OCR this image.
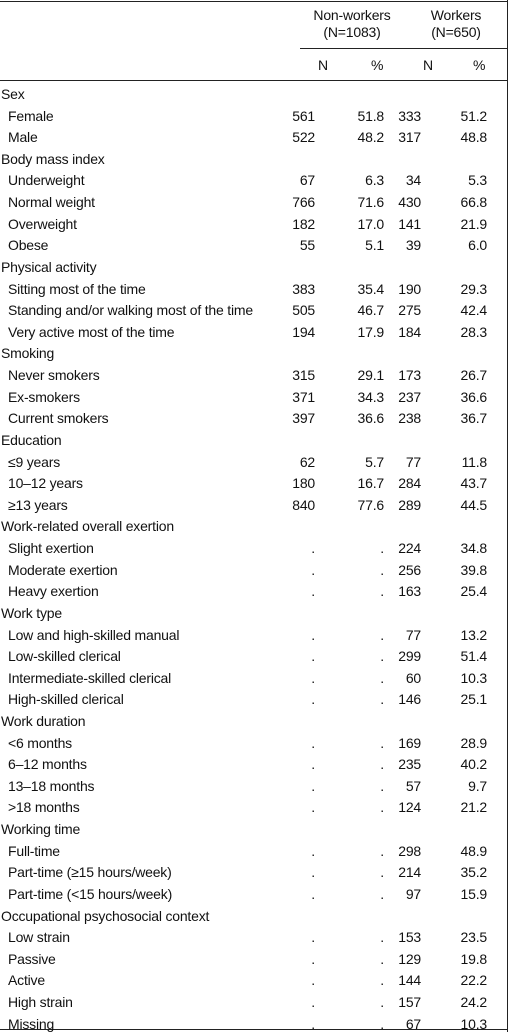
Non-workers
(N=1083)
Workers
(N=650)
N	%	N	%
Sex
Female	561	51.8 333	51.2
Male	522	48.2 317	48.8
Body mass index
Underweight	67	6.3 34	5.3
Normal weight	766	71.6 430	66.8
Overweight	182	17.0 141	21.9
Obese	55	5.1 39	6.0
Physical activity
Sitting most of the time	383	35.4 190	29.3
Standing and/or walking most of the time	505	46.7 275	42.4
Very active most of the time	194	17.9 184	28.3
Smoking
Never smokers	315	29.1 173	26.7
Ex-smokers	371	34.3 237	36.6
Current smokers	397	36.6 238	36.7
Education
≤9 years	62	5.7 77	11.8
10–12 years	180	16.7 284	43.7
≥13 years	840	77.6 289	44.5
Work-related overall exertion
Slight exertion	.	. 224	34.8
Moderate exertion	.	. 256	39.8
Heavy exertion	.	. 163	25.4
Work type
Low and high-skilled manual	.	. 77	13.2
Low-skilled clerical	.	. 299	51.4
Intermediate-skilled clerical	.	. 60	10.3
High-skilled clerical	.	. 146	25.1
Work duration
<6 months	.	. 169	28.9
6–12 months	.	. 235	40.2
13–18 months	.	. 57	9.7
>18 months	.	. 124	21.2
Working time
Full-time	.	. 298	48.9
Part-time (≥15 hours/week)	.	. 214	35.2
Part-time (<15 hours/week)	.	. 97	15.9
Occupational psychosocial context
Low strain	.	. 153	23.5
Passive	.	. 129	19.8
Active	.	. 144	22.2
High strain	.	. 157	24.2
Missing	.	. 67	10.3
